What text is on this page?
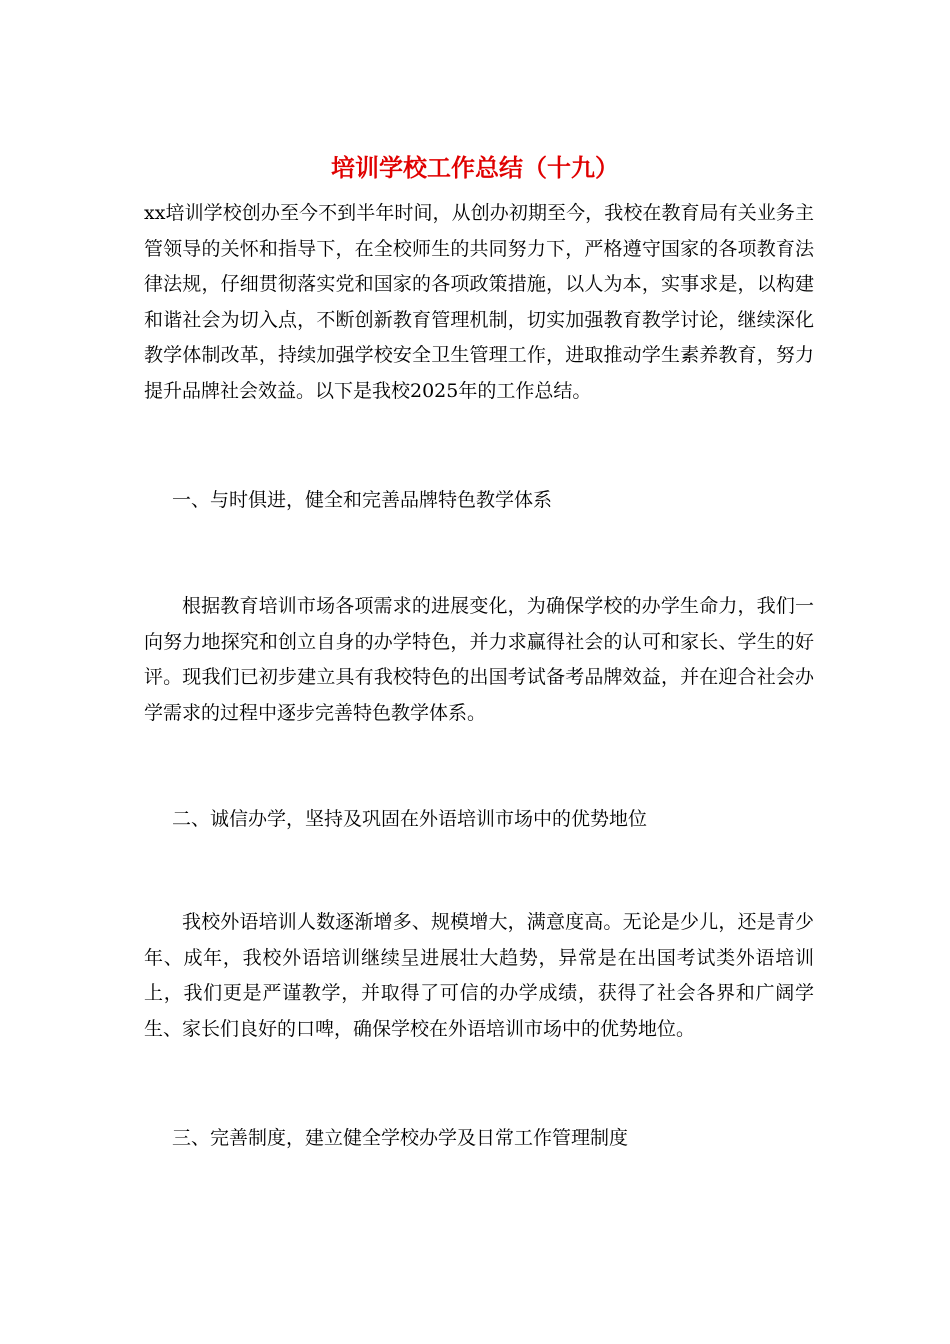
培训学校工作总结（十九）

xx培训学校创办至今不到半年时间，从创办初期至今，我校在教育局有关业务主管领导的关怀和指导下，在全校师生的共同努力下，严格遵守国家的各项教育法律法规，仔细贯彻落实党和国家的各项政策措施，以人为本，实事求是，以构建和谐社会为切入点，不断创新教育管理机制，切实加强教育教学讨论，继续深化教学体制改革，持续加强学校安全卫生管理工作，进取推动学生素养教育，努力提升品牌社会效益。以下是我校2025年的工作总结。

一、与时俱进，健全和完善品牌特色教学体系

根据教育培训市场各项需求的进展变化，为确保学校的办学生命力，我们一向努力地探究和创立自身的办学特色，并力求赢得社会的认可和家长、学生的好评。现我们已初步建立具有我校特色的出国考试备考品牌效益，并在迎合社会办学需求的过程中逐步完善特色教学体系。

二、诚信办学，坚持及巩固在外语培训市场中的优势地位

我校外语培训人数逐渐增多、规模增大，满意度高。无论是少儿，还是青少年、成年，我校外语培训继续呈进展壮大趋势，异常是在出国考试类外语培训上，我们更是严谨教学，并取得了可信的办学成绩，获得了社会各界和广阔学生、家长们良好的口啤，确保学校在外语培训市场中的优势地位。

三、完善制度，建立健全学校办学及日常工作管理制度
